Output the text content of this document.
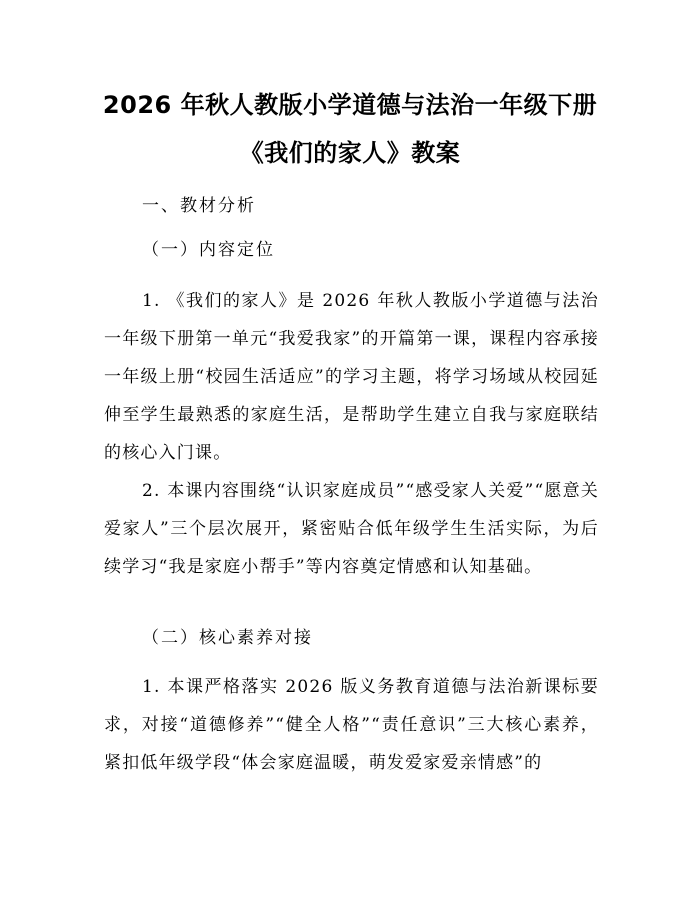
2026 年秋人教版小学道德与法治一年级下册
《我们的家人》教案
一、教材分析
（一）内容定位
1. 《我们的家人》是 2026 年秋人教版小学道德与法治一年级下册第一单元“我爱我家”的开篇第一课，课程内容承接一年级上册“校园生活适应”的学习主题，将学习场域从校园延伸至学生最熟悉的家庭生活，是帮助学生建立自我与家庭联结的核心入门课。
2. 本课内容围绕“认识家庭成员”“感受家人关爱”“愿意关爱家人”三个层次展开，紧密贴合低年级学生生活实际，为后续学习“我是家庭小帮手”等内容奠定情感和认知基础。
（二）核心素养对接
1. 本课严格落实 2026 版义务教育道德与法治新课标要求，对接“道德修养”“健全人格”“责任意识”三大核心素养，紧扣低年级学段“体会家庭温暖，萌发爱家爱亲情感”的
